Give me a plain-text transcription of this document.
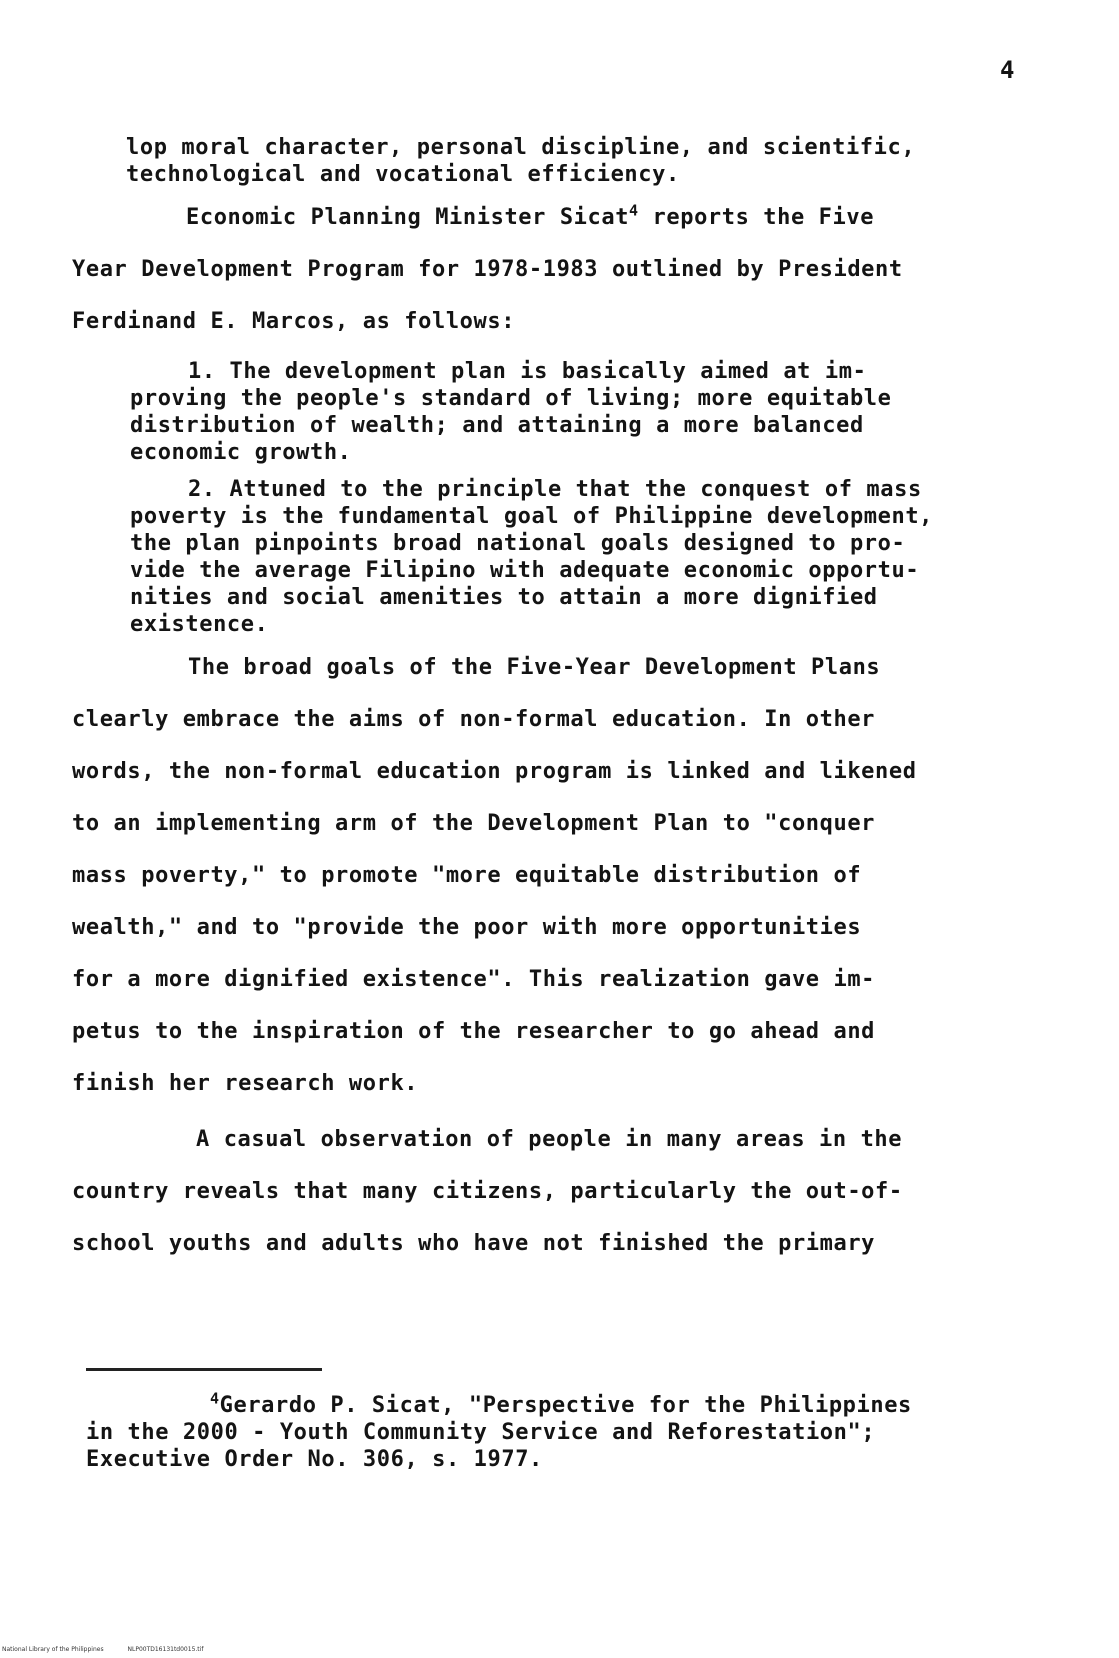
4
lop moral character, personal discipline, and scientific,
technological and vocational efficiency.
Economic Planning Minister Sicat$^4$ reports the Five
Year Development Program for 1978-1983 outlined by President
Ferdinand E. Marcos, as follows:
1. The development plan is basically aimed at im-
proving the people's standard of living; more equitable
distribution of wealth; and attaining a more balanced
economic growth.
2. Attuned to the principle that the conquest of mass
poverty is the fundamental goal of Philippine development,
the plan pinpoints broad national goals designed to pro-
vide the average Filipino with adequate economic opportu-
nities and social amenities to attain a more dignified
existence.
The broad goals of the Five-Year Development Plans
clearly embrace the aims of non-formal education. In other
words, the non-formal education program is linked and likened
to an implementing arm of the Development Plan to "conquer
mass poverty," to promote "more equitable distribution of
wealth," and to "provide the poor with more opportunities
for a more dignified existence". This realization gave im-
petus to the inspiration of the researcher to go ahead and
finish her research work.
A casual observation of people in many areas in the
country reveals that many citizens, particularly the out-of-
school youths and adults who have not finished the primary
$^4$Gerardo P. Sicat, "Perspective for the Philippines
in the 2000 - Youth Community Service and Reforestation";
Executive Order No. 306, s. 1977.
National Library of the Philippines	NLP00TD16131td0015.tif
